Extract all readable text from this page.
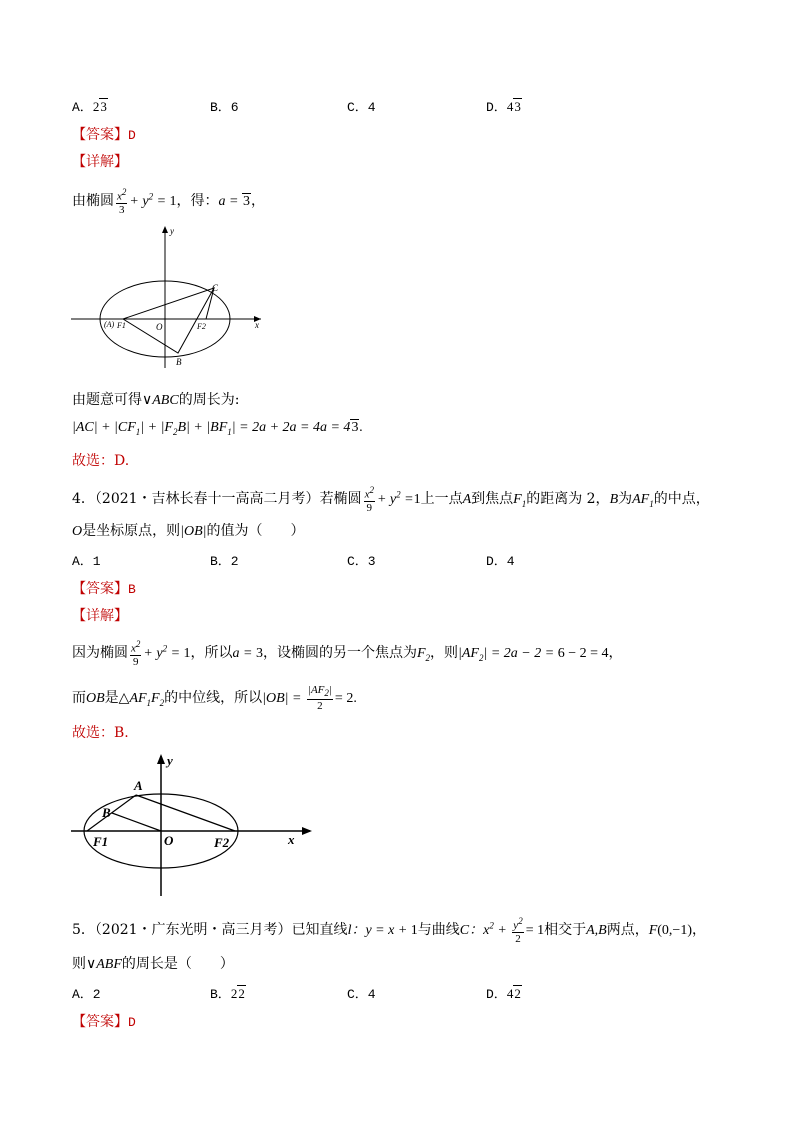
A．23	B．6	C．4	D．43
【答案】D
【详解】
由椭圆 $\frac{x^2}{3} + y^2 = 1$，得：a = 3，
y
x
C
(A) F1	O	F2
B
由题意可得∨ABC的周长为:
$|AC| + |CF_1| + |F_2B| + |BF_1| = 2a + 2a = 4a = 43$.
故选：D.
4．（2021・吉林长春十一高高二月考）若椭圆 $\frac{x^2}{9} + y^2 =1$上一点A到焦点$F_1$的距离为 2，B为$AF_1$的中点，
O是坐标原点，则|OB|的值为（　　）
A．1	B．2	C．3	D．4
【答案】B
【详解】
因为椭圆 $\frac{x^2}{9} + y^2 = 1$，所以a = 3，设椭圆的另一个焦点为$F_2$，则$|AF_2| = 2a - 2 = 6 - 2 = 4$，
而OB是$\triangle AF_1F_2$的中位线，所以$|OB| = \frac{|AF_2|}{2} = 2$.
故选：B.
y
x
A
B
F1	O	F2
5．（2021・广东光明・高三月考）已知直线l：y = x + 1与曲线C：$x^2 + \frac{y^2}{2} = 1$相交于A,B两点，F(0,−1)，
则∨ABF的周长是（　　）
A．2	B．22	C．4	D．42
【答案】D
